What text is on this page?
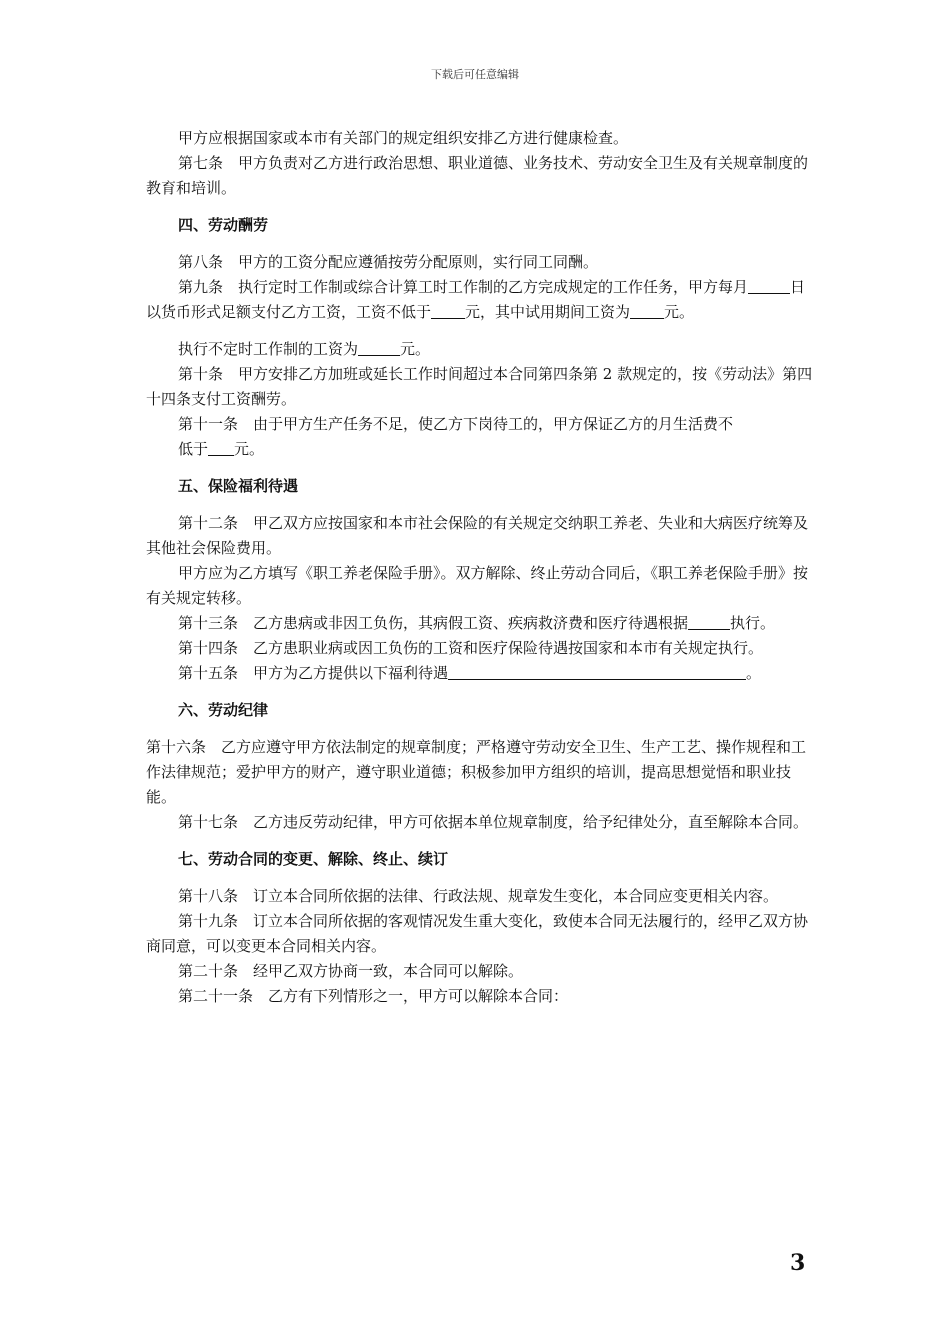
下载后可任意编辑

甲方应根据国家或本市有关部门的规定组织安排乙方进行健康检查。

第七条　甲方负责对乙方进行政治思想、职业道德、业务技术、劳动安全卫生及有关规章制度的教育和培训。

四、劳动酬劳

第八条　甲方的工资分配应遵循按劳分配原则，实行同工同酬。

第九条　执行定时工作制或综合计算工时工作制的乙方完成规定的工作任务，甲方每月	日以货币形式足额支付乙方工资，工资不低于 元，其中试用期间工资为 元。

执行不定时工作制的工资为	元。

第十条　甲方安排乙方加班或延长工作时间超过本合同第四条第 2 款规定的，按《劳动法》第四十四条支付工资酬劳。

第十一条　由于甲方生产任务不足，使乙方下岗待工的，甲方保证乙方的月生活费不

低于 元。

五、保险福利待遇

第十二条　甲乙双方应按国家和本市社会保险的有关规定交纳职工养老、失业和大病医疗统筹及其他社会保险费用。

甲方应为乙方填写《职工养老保险手册》。双方解除、终止劳动合同后，《职工养老保险手册》按有关规定转移。

第十三条　乙方患病或非因工负伤，其病假工资、疾病救济费和医疗待遇根据	执行。

第十四条　乙方患职业病或因工负伤的工资和医疗保险待遇按国家和本市有关规定执行。

第十五条　甲方为乙方提供以下福利待遇	。

六、劳动纪律

第十六条　乙方应遵守甲方依法制定的规章制度；严格遵守劳动安全卫生、生产工艺、操作规程和工作法律规范；爱护甲方的财产，遵守职业道德；积极参加甲方组织的培训，提高思想觉悟和职业技能。

第十七条　乙方违反劳动纪律，甲方可依据本单位规章制度，给予纪律处分，直至解除本合同。

七、劳动合同的变更、解除、终止、续订

第十八条　订立本合同所依据的法律、行政法规、规章发生变化，本合同应变更相关内容。

第十九条　订立本合同所依据的客观情况发生重大变化，致使本合同无法履行的，经甲乙双方协商同意，可以变更本合同相关内容。

第二十条　经甲乙双方协商一致，本合同可以解除。

第二十一条　乙方有下列情形之一，甲方可以解除本合同：

3
